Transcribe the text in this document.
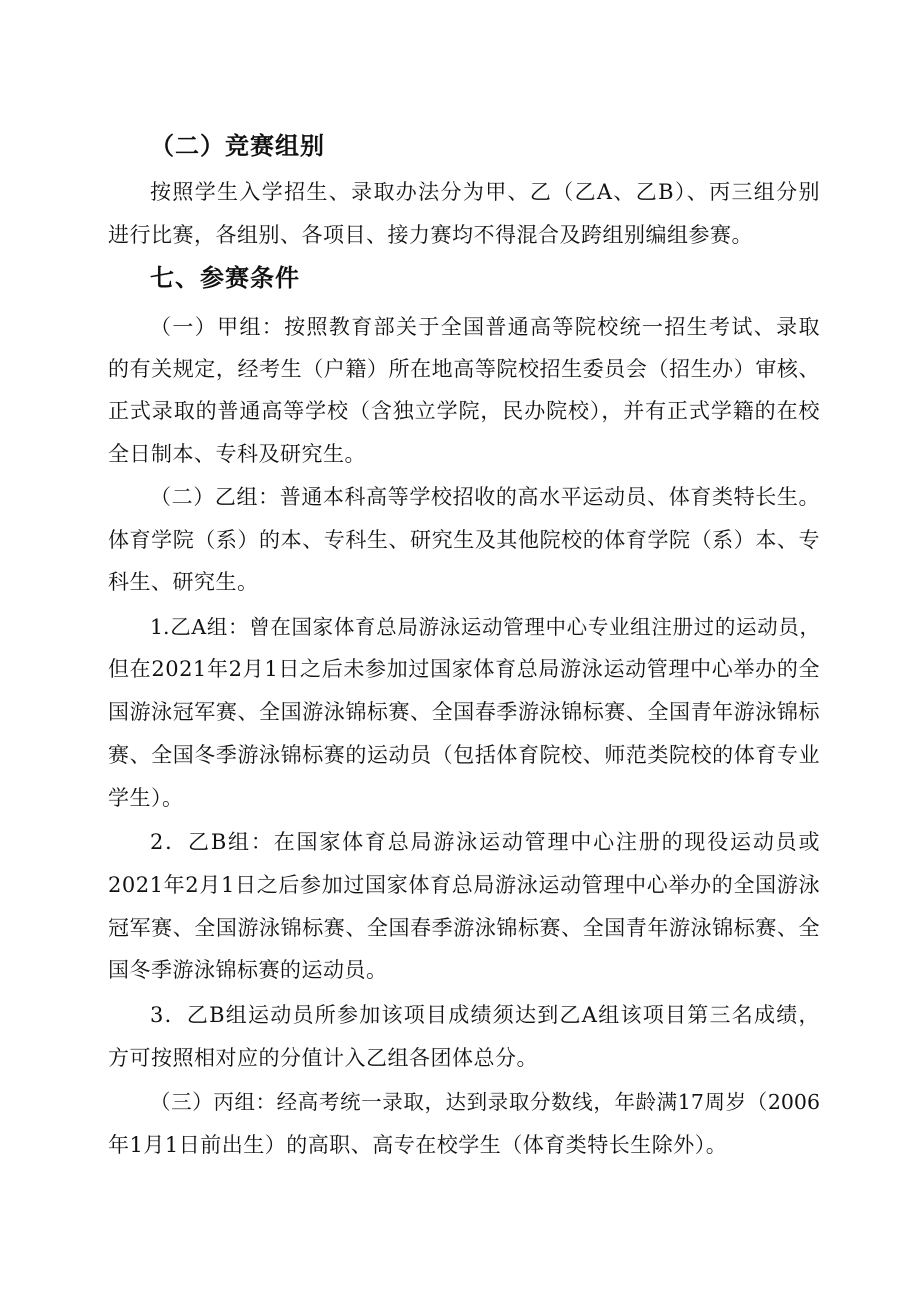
（二）竞赛组别
按照学生入学招生、录取办法分为甲、乙（乙A、乙B）、丙三组分别
进行比赛，各组别、各项目、接力赛均不得混合及跨组别编组参赛。
七、参赛条件
（一）甲组：按照教育部关于全国普通高等院校统一招生考试、录取
的有关规定，经考生（户籍）所在地高等院校招生委员会（招生办）审核、
正式录取的普通高等学校（含独立学院，民办院校），并有正式学籍的在校
全日制本、专科及研究生。
（二）乙组：普通本科高等学校招收的高水平运动员、体育类特长生。
体育学院（系）的本、专科生、研究生及其他院校的体育学院（系）本、专
科生、研究生。
1.乙A组：曾在国家体育总局游泳运动管理中心专业组注册过的运动员，
但在2021年2月1日之后未参加过国家体育总局游泳运动管理中心举办的全
国游泳冠军赛、全国游泳锦标赛、全国春季游泳锦标赛、全国青年游泳锦标
赛、全国冬季游泳锦标赛的运动员（包括体育院校、师范类院校的体育专业
学生）。
2．乙B组：在国家体育总局游泳运动管理中心注册的现役运动员或
2021年2月1日之后参加过国家体育总局游泳运动管理中心举办的全国游泳
冠军赛、全国游泳锦标赛、全国春季游泳锦标赛、全国青年游泳锦标赛、全
国冬季游泳锦标赛的运动员。
3．乙B组运动员所参加该项目成绩须达到乙A组该项目第三名成绩，
方可按照相对应的分值计入乙组各团体总分。
（三）丙组：经高考统一录取，达到录取分数线，年龄满17周岁（2006
年1月1日前出生）的高职、高专在校学生（体育类特长生除外）。
